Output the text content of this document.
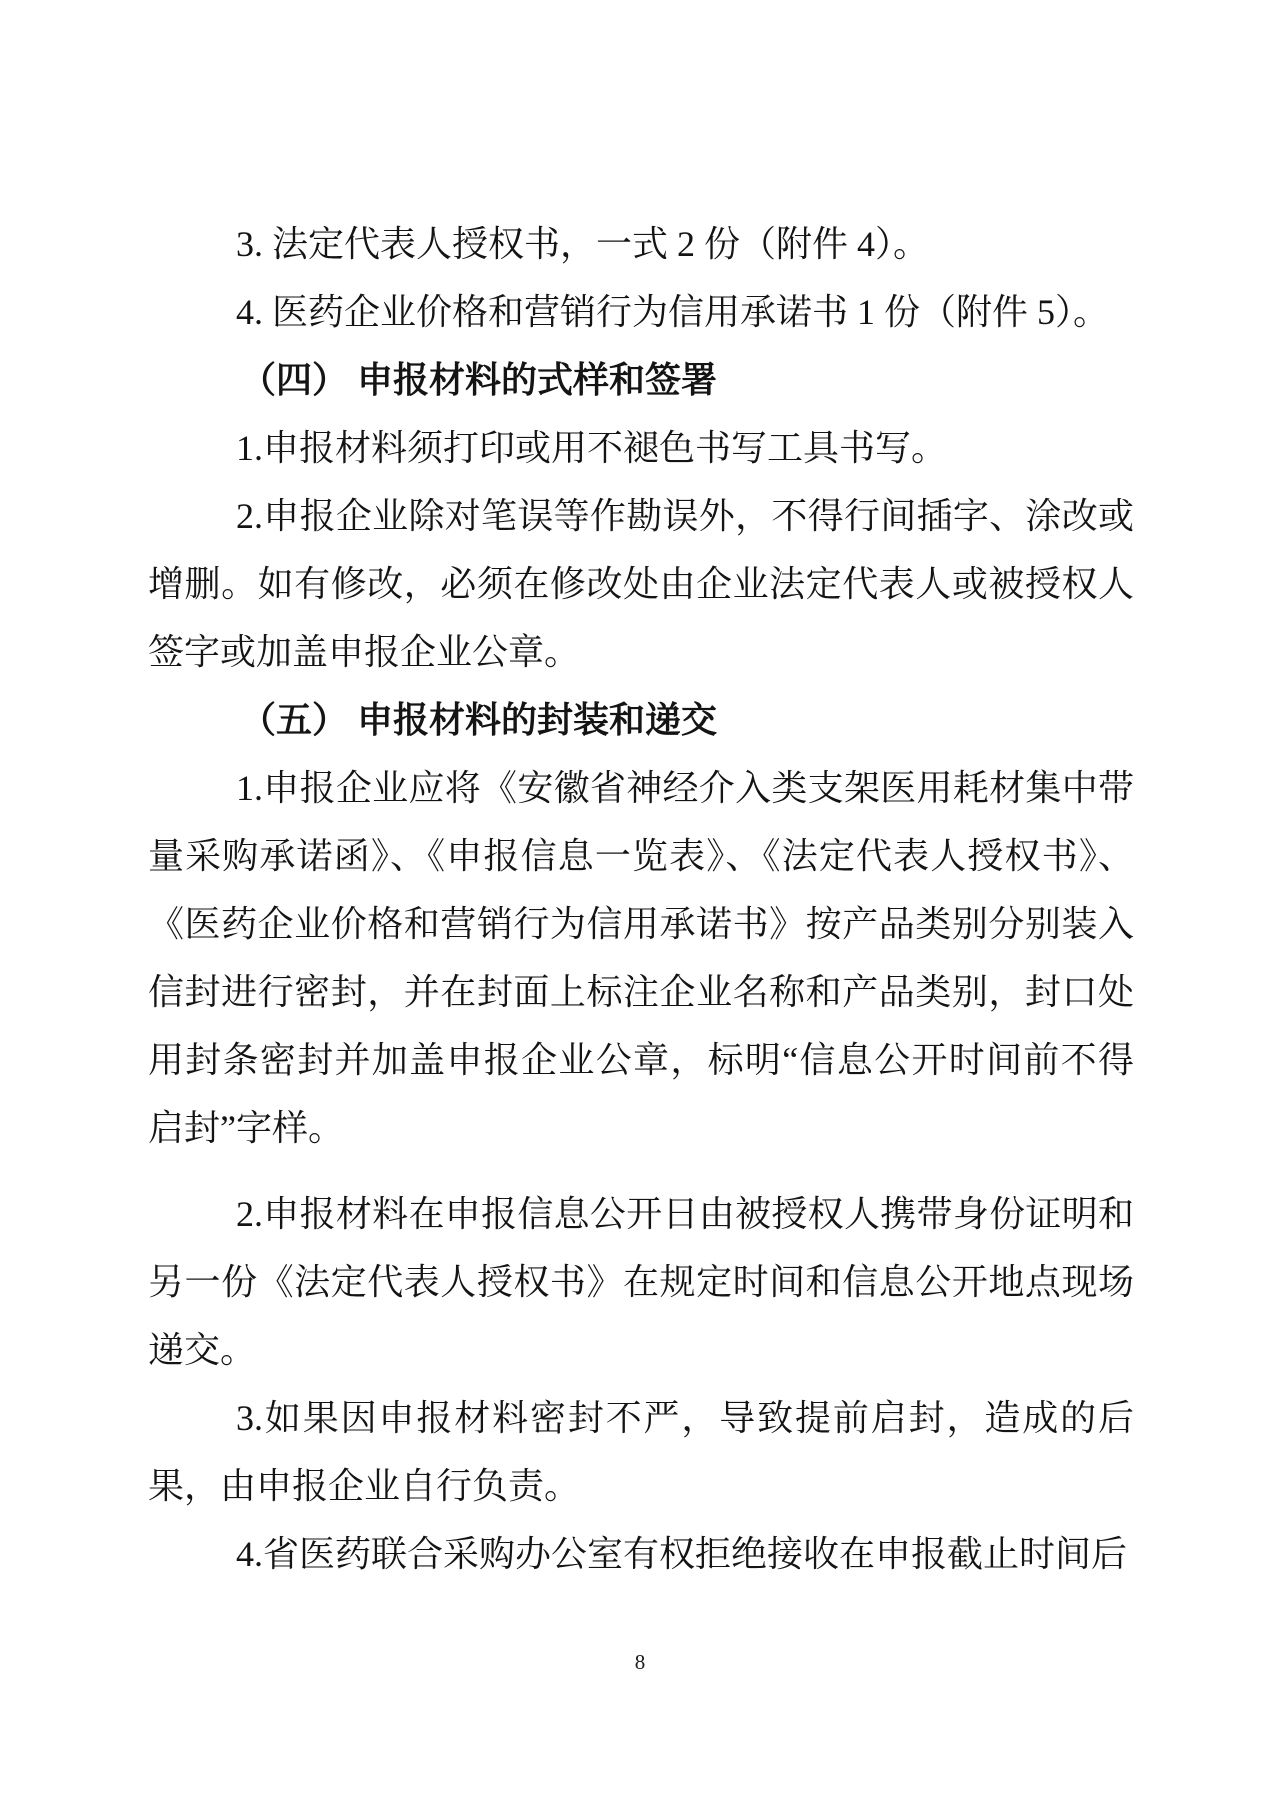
3. 法定代表人授权书，一式 2 份（附件 4）。

4. 医药企业价格和营销行为信用承诺书 1 份（附件 5）。

（四） 申报材料的式样和签署

1.申报材料须打印或用不褪色书写工具书写。

2.申报企业除对笔误等作勘误外，不得行间插字、涂改或增删。如有修改，必须在修改处由企业法定代表人或被授权人签字或加盖申报企业公章。

（五） 申报材料的封装和递交

1.申报企业应将《安徽省神经介入类支架医用耗材集中带量采购承诺函》、《申报信息一览表》、《法定代表人授权书》、《医药企业价格和营销行为信用承诺书》按产品类别分别装入信封进行密封，并在封面上标注企业名称和产品类别，封口处用封条密封并加盖申报企业公章，标明“信息公开时间前不得启封”字样。

2.申报材料在申报信息公开日由被授权人携带身份证明和另一份《法定代表人授权书》在规定时间和信息公开地点现场递交。

3.如果因申报材料密封不严，导致提前启封，造成的后果，由申报企业自行负责。

4.省医药联合采购办公室有权拒绝接收在申报截止时间后

8
